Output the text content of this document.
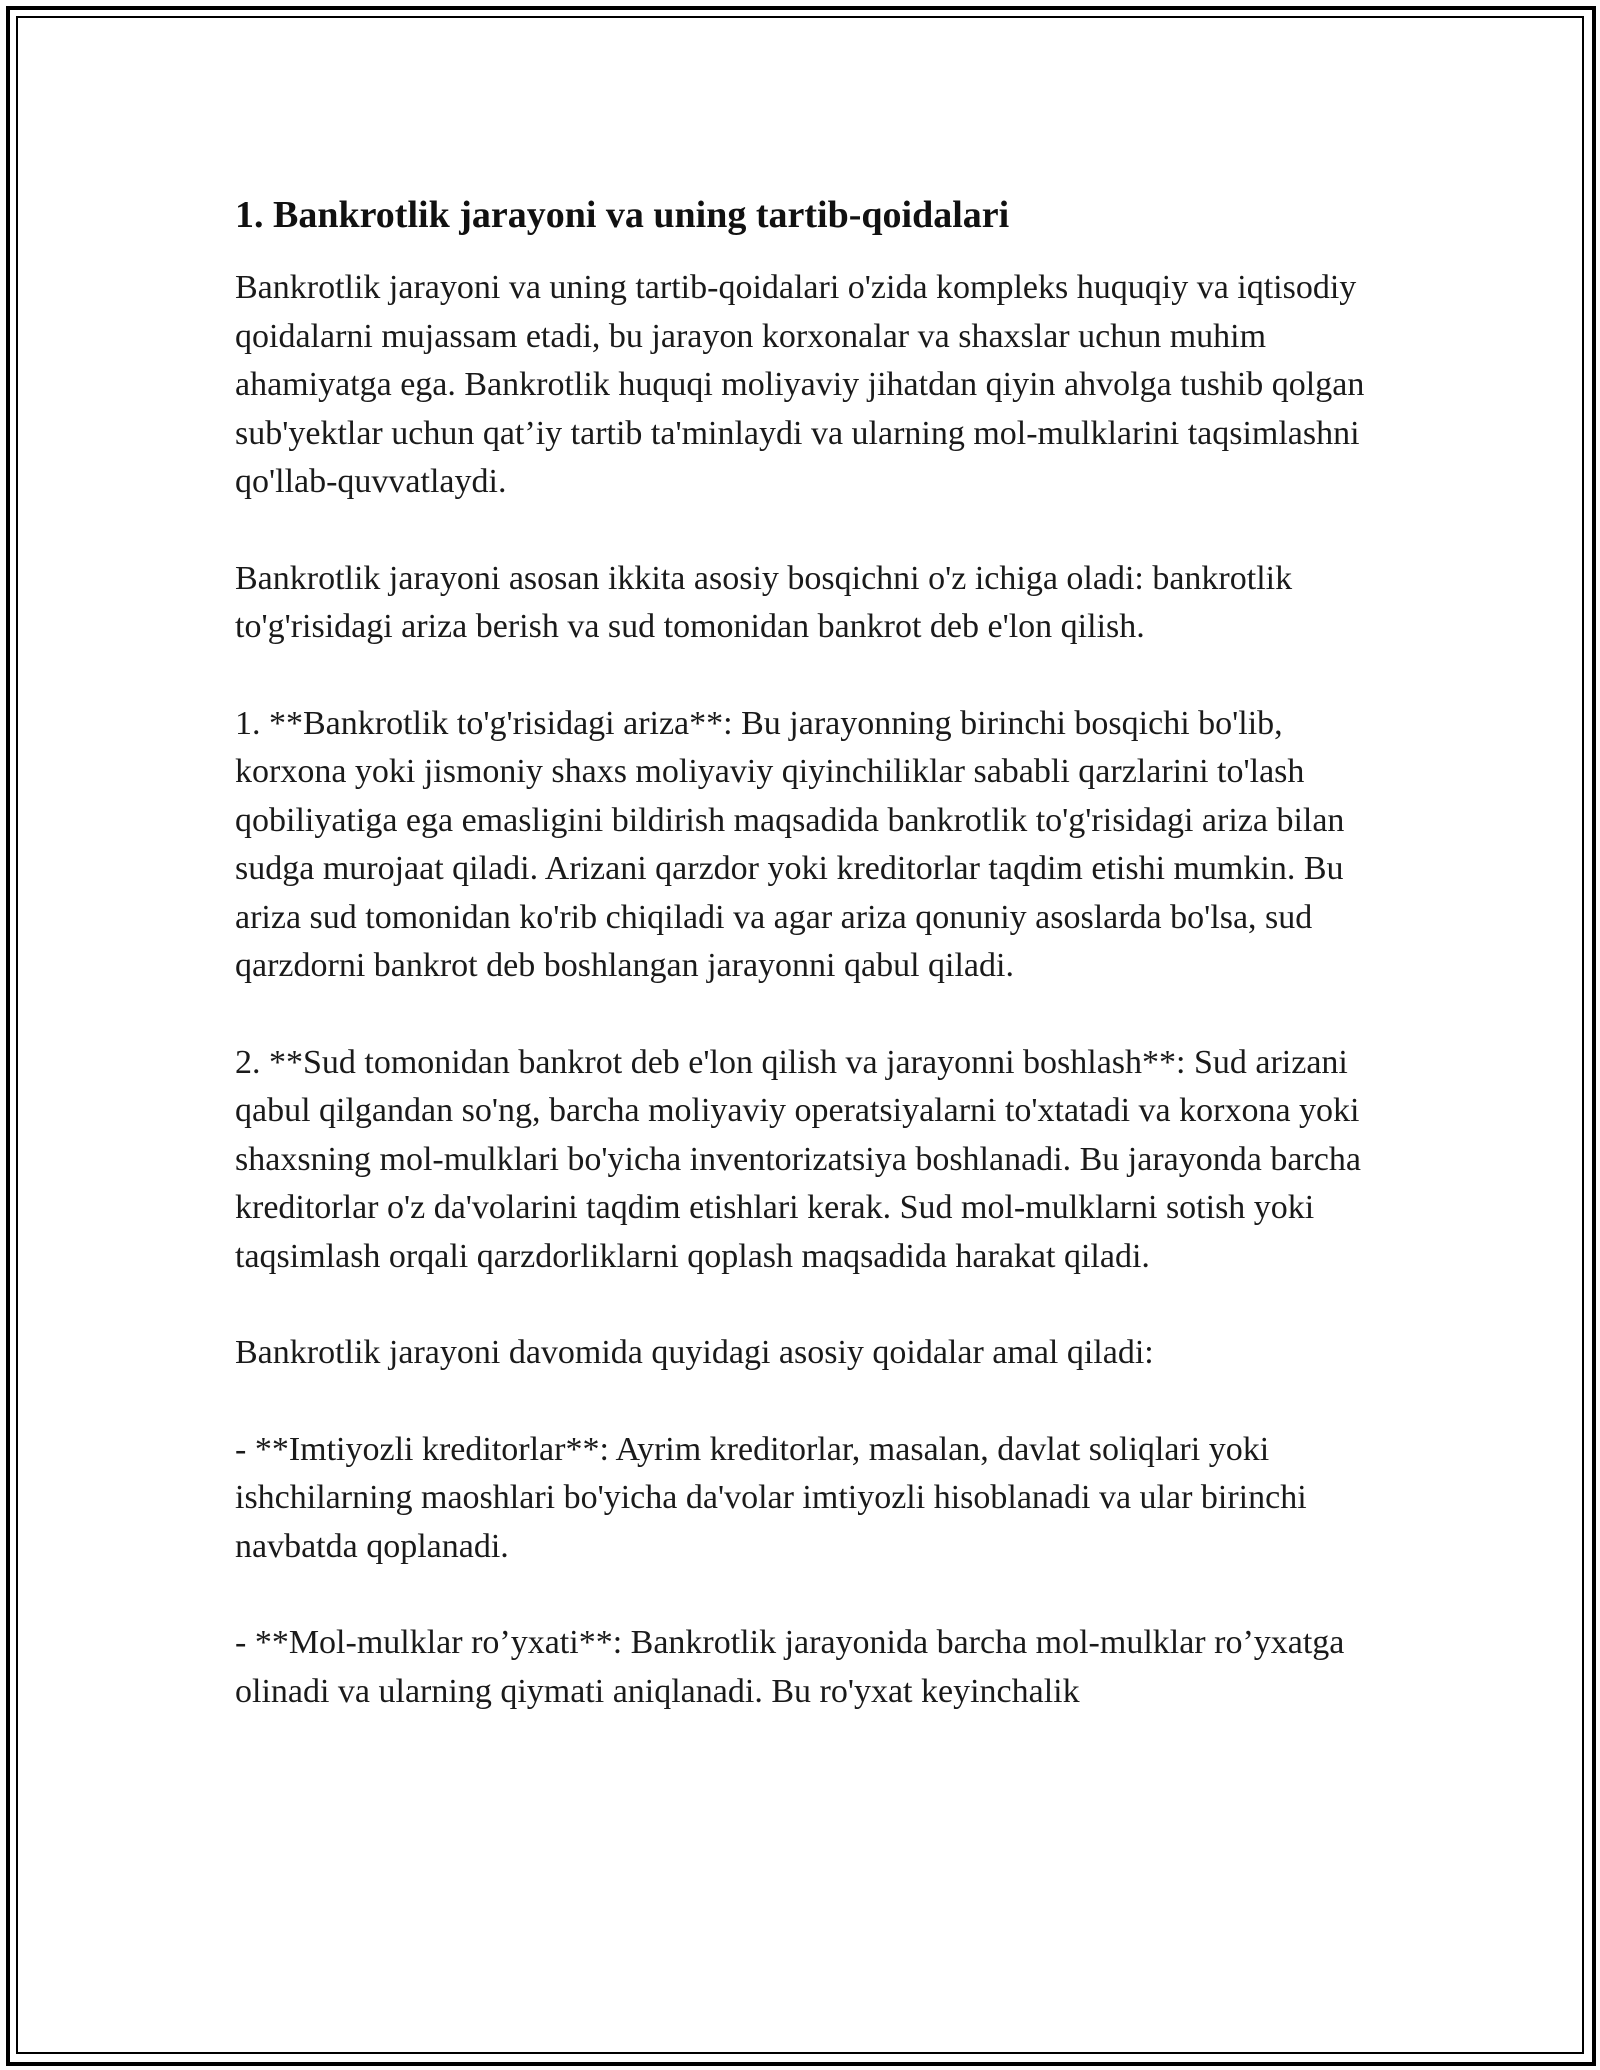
1. Bankrotlik jarayoni va uning tartib-qoidalari

Bankrotlik jarayoni va uning tartib-qoidalari o'zida kompleks huquqiy va iqtisodiy qoidalarni mujassam etadi, bu jarayon korxonalar va shaxslar uchun muhim ahamiyatga ega. Bankrotlik huquqi moliyaviy jihatdan qiyin ahvolga tushib qolgan sub'yektlar uchun qat’iy tartib ta'minlaydi va ularning mol-mulklarini taqsimlashni qo'llab-quvvatlaydi.

Bankrotlik jarayoni asosan ikkita asosiy bosqichni o'z ichiga oladi: bankrotlik to'g'risidagi ariza berish va sud tomonidan bankrot deb e'lon qilish.

1. **Bankrotlik to'g'risidagi ariza**: Bu jarayonning birinchi bosqichi bo'lib, korxona yoki jismoniy shaxs moliyaviy qiyinchiliklar sababli qarzlarini to'lash qobiliyatiga ega emasligini bildirish maqsadida bankrotlik to'g'risidagi ariza bilan sudga murojaat qiladi. Arizani qarzdor yoki kreditorlar taqdim etishi mumkin. Bu ariza sud tomonidan ko'rib chiqiladi va agar ariza qonuniy asoslarda bo'lsa, sud qarzdorni bankrot deb boshlangan jarayonni qabul qiladi.

2. **Sud tomonidan bankrot deb e'lon qilish va jarayonni boshlash**: Sud arizani qabul qilgandan so'ng, barcha moliyaviy operatsiyalarni to'xtatadi va korxona yoki shaxsning mol-mulklari bo'yicha inventorizatsiya boshlanadi. Bu jarayonda barcha kreditorlar o'z da'volarini taqdim etishlari kerak. Sud mol-mulklarni sotish yoki taqsimlash orqali qarzdorliklarni qoplash maqsadida harakat qiladi.

Bankrotlik jarayoni davomida quyidagi asosiy qoidalar amal qiladi:

- **Imtiyozli kreditorlar**: Ayrim kreditorlar, masalan, davlat soliqlari yoki ishchilarning maoshlari bo'yicha da'volar imtiyozli hisoblanadi va ular birinchi navbatda qoplanadi.

- **Mol-mulklar ro’yxati**: Bankrotlik jarayonida barcha mol-mulklar ro’yxatga olinadi va ularning qiymati aniqlanadi. Bu ro'yxat keyinchalik
